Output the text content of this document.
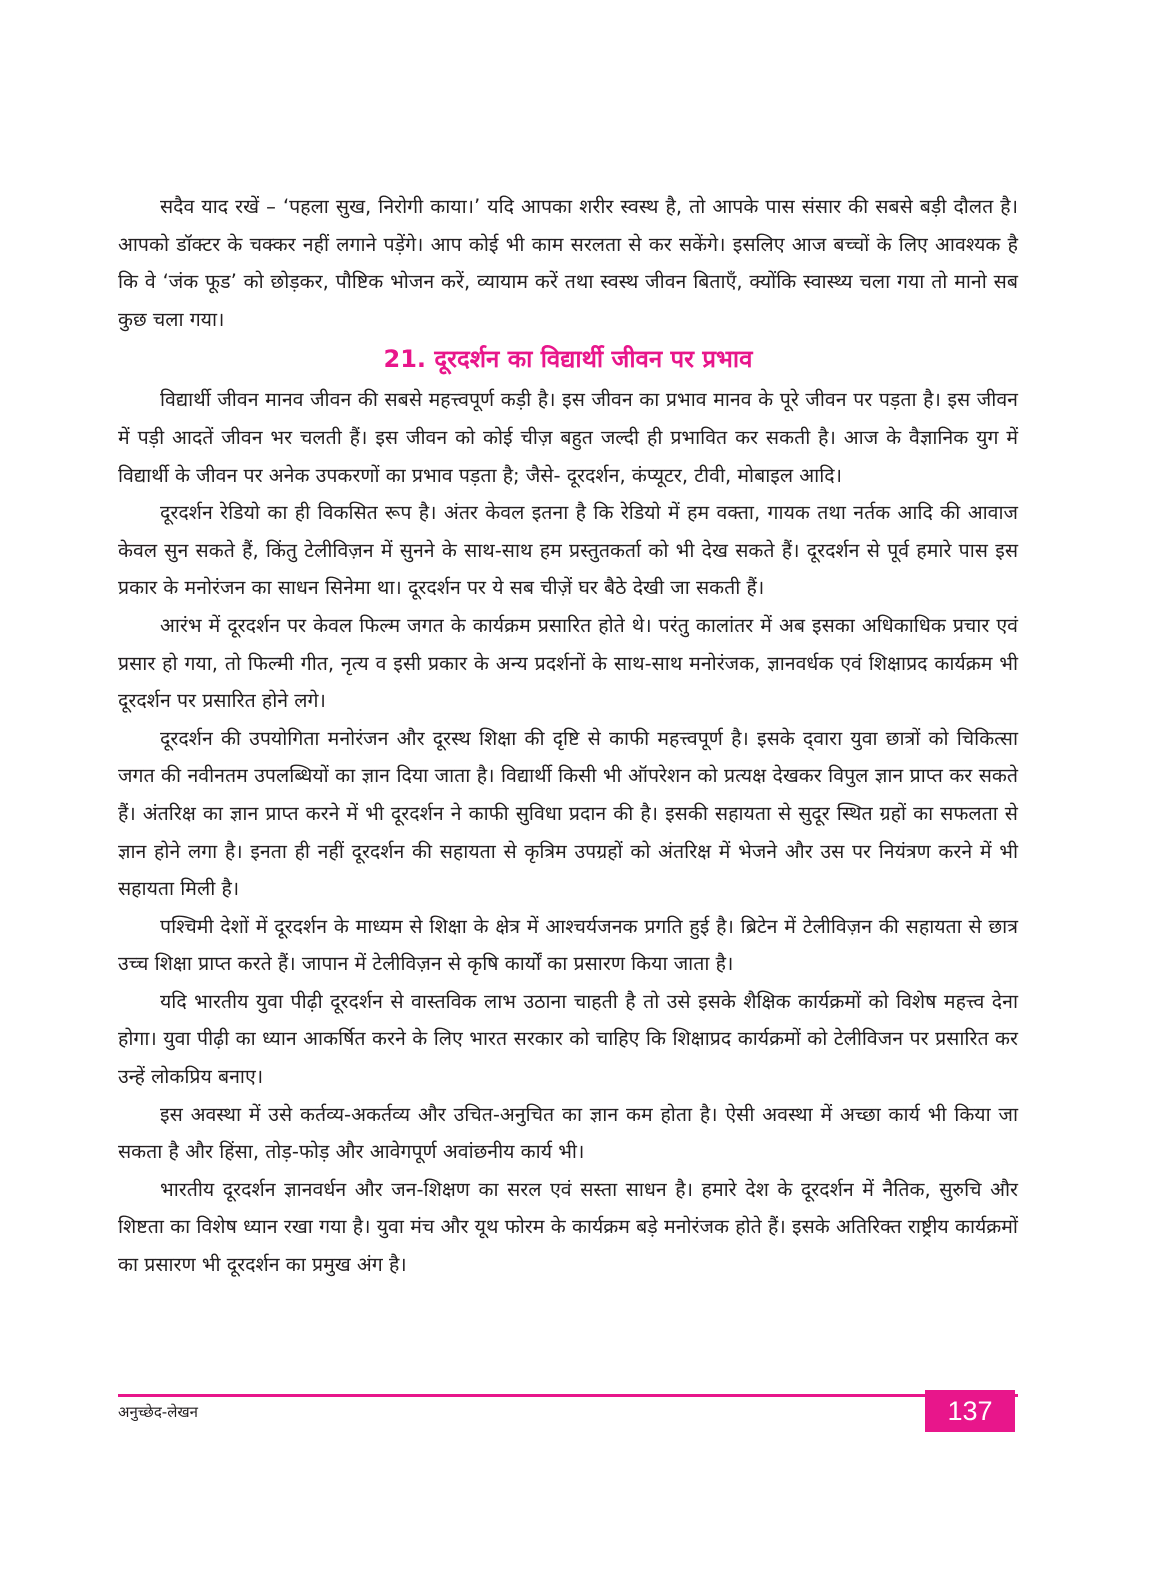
सदैव याद रखें – ‘पहला सुख, निरोगी काया।’ यदि आपका शरीर स्वस्थ है, तो आपके पास संसार की सबसे बड़ी दौलत है। आपको डॉक्टर के चक्कर नहीं लगाने पड़ेंगे। आप कोई भी काम सरलता से कर सकेंगे। इसलिए आज बच्चों के लिए आवश्यक है कि वे ‘जंक फूड’ को छोड़कर, पौष्टिक भोजन करें, व्यायाम करें तथा स्वस्थ जीवन बिताएँ, क्योंकि स्वास्थ्य चला गया तो मानो सब कुछ चला गया।

21. दूरदर्शन का विद्यार्थी जीवन पर प्रभाव

विद्यार्थी जीवन मानव जीवन की सबसे महत्त्वपूर्ण कड़ी है। इस जीवन का प्रभाव मानव के पूरे जीवन पर पड़ता है। इस जीवन में पड़ी आदतें जीवन भर चलती हैं। इस जीवन को कोई चीज़ बहुत जल्दी ही प्रभावित कर सकती है। आज के वैज्ञानिक युग में विद्यार्थी के जीवन पर अनेक उपकरणों का प्रभाव पड़ता है; जैसे- दूरदर्शन, कंप्यूटर, टीवी, मोबाइल आदि।

दूरदर्शन रेडियो का ही विकसित रूप है। अंतर केवल इतना है कि रेडियो में हम वक्ता, गायक तथा नर्तक आदि की आवाज केवल सुन सकते हैं, किंतु टेलीविज़न में सुनने के साथ-साथ हम प्रस्तुतकर्ता को भी देख सकते हैं। दूरदर्शन से पूर्व हमारे पास इस प्रकार के मनोरंजन का साधन सिनेमा था। दूरदर्शन पर ये सब चीज़ें घर बैठे देखी जा सकती हैं।

आरंभ में दूरदर्शन पर केवल फिल्म जगत के कार्यक्रम प्रसारित होते थे। परंतु कालांतर में अब इसका अधिकाधिक प्रचार एवं प्रसार हो गया, तो फिल्मी गीत, नृत्य व इसी प्रकार के अन्य प्रदर्शनों के साथ-साथ मनोरंजक, ज्ञानवर्धक एवं शिक्षाप्रद कार्यक्रम भी दूरदर्शन पर प्रसारित होने लगे।

दूरदर्शन की उपयोगिता मनोरंजन और दूरस्थ शिक्षा की दृष्टि से काफी महत्त्वपूर्ण है। इसके द्‍वारा युवा छात्रों को चिकित्सा जगत की नवीनतम उपलब्धियों का ज्ञान दिया जाता है। विद्यार्थी किसी भी ऑपरेशन को प्रत्यक्ष देखकर विपुल ज्ञान प्राप्त कर सकते हैं। अंतरिक्ष का ज्ञान प्राप्त करने में भी दूरदर्शन ने काफी सुविधा प्रदान की है। इसकी सहायता से सुदूर स्थित ग्रहों का सफलता से ज्ञान होने लगा है। इनता ही नहीं दूरदर्शन की सहायता से कृत्रिम उपग्रहों को अंतरिक्ष में भेजने और उस पर नियंत्रण करने में भी सहायता मिली है।

पश्चिमी देशों में दूरदर्शन के माध्यम से शिक्षा के क्षेत्र में आश्चर्यजनक प्रगति हुई है। ब्रिटेन में टेलीविज़न की सहायता से छात्र उच्च शिक्षा प्राप्त करते हैं। जापान में टेलीविज़न से कृषि कार्यों का प्रसारण किया जाता है।

यदि भारतीय युवा पीढ़ी दूरदर्शन से वास्तविक लाभ उठाना चाहती है तो उसे इसके शैक्षिक कार्यक्रमों को विशेष महत्त्व देना होगा। युवा पीढ़ी का ध्यान आकर्षित करने के लिए भारत सरकार को चाहिए कि शिक्षाप्रद कार्यक्रमों को टेलीविजन पर प्रसारित कर उन्हें लोकप्रिय बनाए।

इस अवस्था में उसे कर्तव्य-अकर्तव्य और उचित-अनुचित का ज्ञान कम होता है। ऐसी अवस्था में अच्छा कार्य भी किया जा सकता है और हिंसा, तोड़-फोड़ और आवेगपूर्ण अवांछनीय कार्य भी।

भारतीय दूरदर्शन ज्ञानवर्धन और जन-शिक्षण का सरल एवं सस्ता साधन है। हमारे देश के दूरदर्शन में नैतिक, सुरुचि और शिष्टता का विशेष ध्यान रखा गया है। युवा मंच और यूथ फोरम के कार्यक्रम बड़े मनोरंजक होते हैं। इसके अतिरिक्त राष्ट्रीय कार्यक्रमों का प्रसारण भी दूरदर्शन का प्रमुख अंग है।

अनुच्छेद-लेखन	137
